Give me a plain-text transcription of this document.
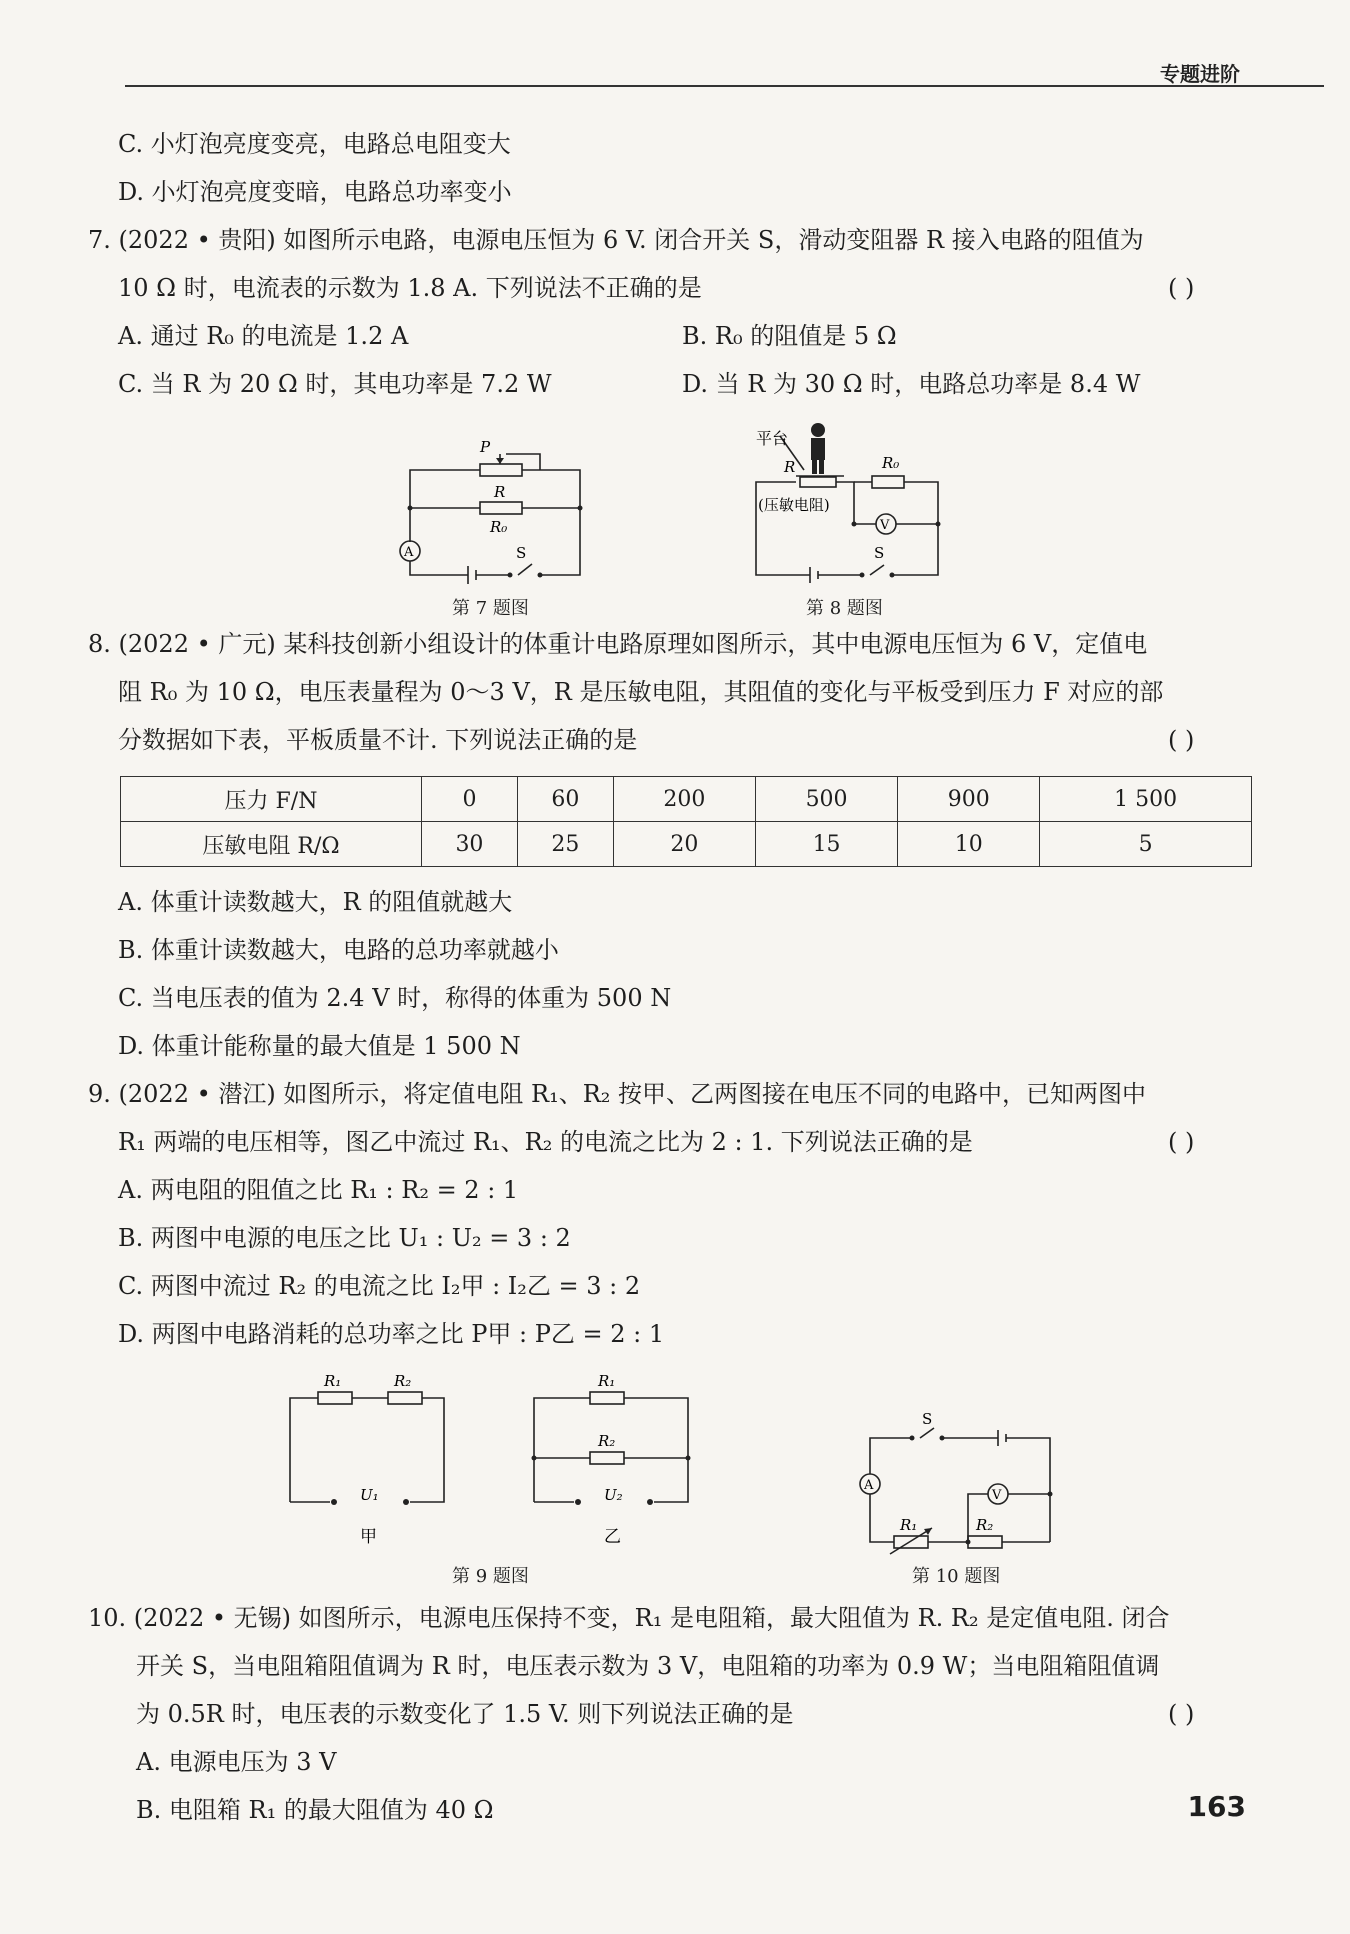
专题进阶
C. 小灯泡亮度变亮，电路总电阻变大
D. 小灯泡亮度变暗，电路总功率变小
7. (2022 • 贵阳) 如图所示电路，电源电压恒为 6 V. 闭合开关 S，滑动变阻器 R 接入电路的阻值为
10 Ω 时，电流表的示数为 1.8 A. 下列说法不正确的是	( )
A. 通过 R₀ 的电流是 1.2 A	B. R₀ 的阻值是 5 Ω
C. 当 R 为 20 Ω 时，其电功率是 7.2 W	D. 当 R 为 30 Ω 时，电路总功率是 8.4 W
P
R
R₀
A	S
第 7 题图
平台
R
(压敏电阻)
R₀
V
S
第 8 题图
8. (2022 • 广元) 某科技创新小组设计的体重计电路原理如图所示，其中电源电压恒为 6 V，定值电
阻 R₀ 为 10 Ω，电压表量程为 0～3 V，R 是压敏电阻，其阻值的变化与平板受到压力 F 对应的部
分数据如下表，平板质量不计. 下列说法正确的是	( )
压力 F/N	0	60	200	500	900	1 500
压敏电阻 R/Ω	30	25	20	15	10	5
A. 体重计读数越大，R 的阻值就越大
B. 体重计读数越大，电路的总功率就越小
C. 当电压表的值为 2.4 V 时，称得的体重为 500 N
D. 体重计能称量的最大值是 1 500 N
9. (2022 • 潜江) 如图所示，将定值电阻 R₁、R₂ 按甲、乙两图接在电压不同的电路中，已知两图中
R₁ 两端的电压相等，图乙中流过 R₁、R₂ 的电流之比为 2 : 1. 下列说法正确的是	( )
A. 两电阻的阻值之比 R₁ : R₂ = 2 : 1
B. 两图中电源的电压之比 U₁ : U₂ = 3 : 2
C. 两图中流过 R₂ 的电流之比 I₂甲 : I₂乙 = 3 : 2
D. 两图中电路消耗的总功率之比 P甲 : P乙 = 2 : 1
R₁	R₂
U₁
甲
R₁
R₂
U₂
乙
第 9 题图
S
A
V
R₁	R₂
第 10 题图
10. (2022 • 无锡) 如图所示，电源电压保持不变，R₁ 是电阻箱，最大阻值为 R. R₂ 是定值电阻. 闭合
开关 S，当电阻箱阻值调为 R 时，电压表示数为 3 V，电阻箱的功率为 0.9 W；当电阻箱阻值调
为 0.5R 时，电压表的示数变化了 1.5 V. 则下列说法正确的是	( )
A. 电源电压为 3 V
B. 电阻箱 R₁ 的最大阻值为 40 Ω	163
